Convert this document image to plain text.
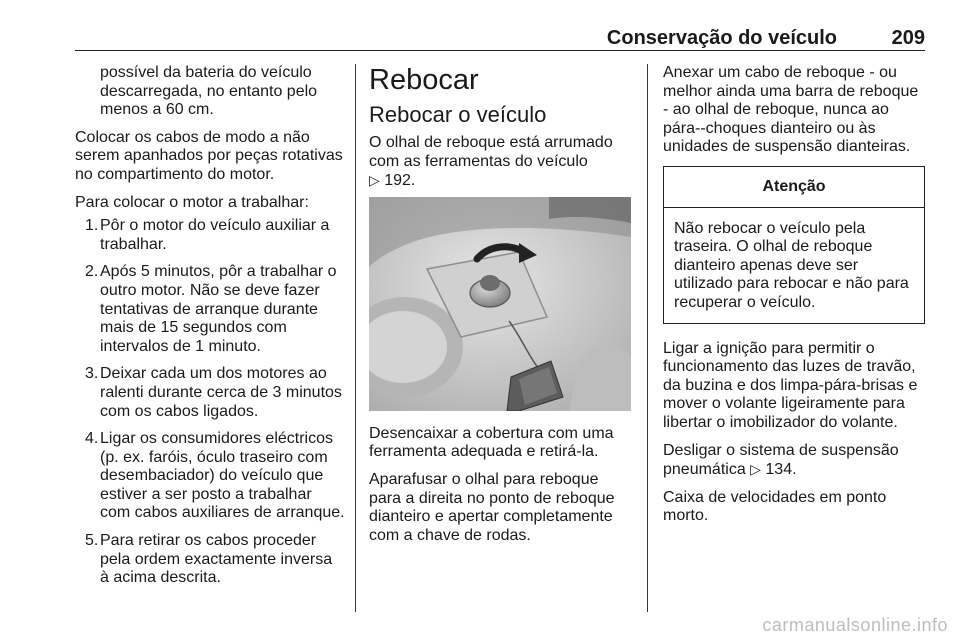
Conservação do veículo	209

possível da bateria do veículo descarregada, no entanto pelo menos a 60 cm.

Colocar os cabos de modo a não serem apanhados por peças rotativas no compartimento do motor.

Para colocar o motor a trabalhar:

1. Pôr o motor do veículo auxiliar a trabalhar.
2. Após 5 minutos, pôr a trabalhar o outro motor. Não se deve fazer tentativas de arranque durante mais de 15 segundos com intervalos de 1 minuto.
3. Deixar cada um dos motores ao ralenti durante cerca de 3 minutos com os cabos ligados.
4. Ligar os consumidores eléctricos (p. ex. faróis, óculo traseiro com desembaciador) do veículo que estiver a ser posto a trabalhar com cabos auxiliares de arranque.
5. Para retirar os cabos proceder pela ordem exactamente inversa à acima descrita.
Rebocar
Rebocar o veículo

O olhal de reboque está arrumado com as ferramentas do veículo
▷ 192.

Desencaixar a cobertura com uma ferramenta adequada e retirá-la.

Aparafusar o olhal para reboque para a direita no ponto de reboque dianteiro e apertar completamente com a chave de rodas.

Anexar um cabo de reboque - ou melhor ainda uma barra de reboque - ao olhal de reboque, nunca ao pára--choques dianteiro ou às unidades de suspensão dianteiras.

Atenção
Não rebocar o veículo pela traseira. O olhal de reboque dianteiro apenas deve ser utilizado para rebocar e não para recuperar o veículo.

Ligar a ignição para permitir o funcionamento das luzes de travão, da buzina e dos limpa-pára-brisas e mover o volante ligeiramente para libertar o imobilizador do volante.

Desligar o sistema de suspensão pneumática ▷ 134.

Caixa de velocidades em ponto morto.

carmanualsonline.info
